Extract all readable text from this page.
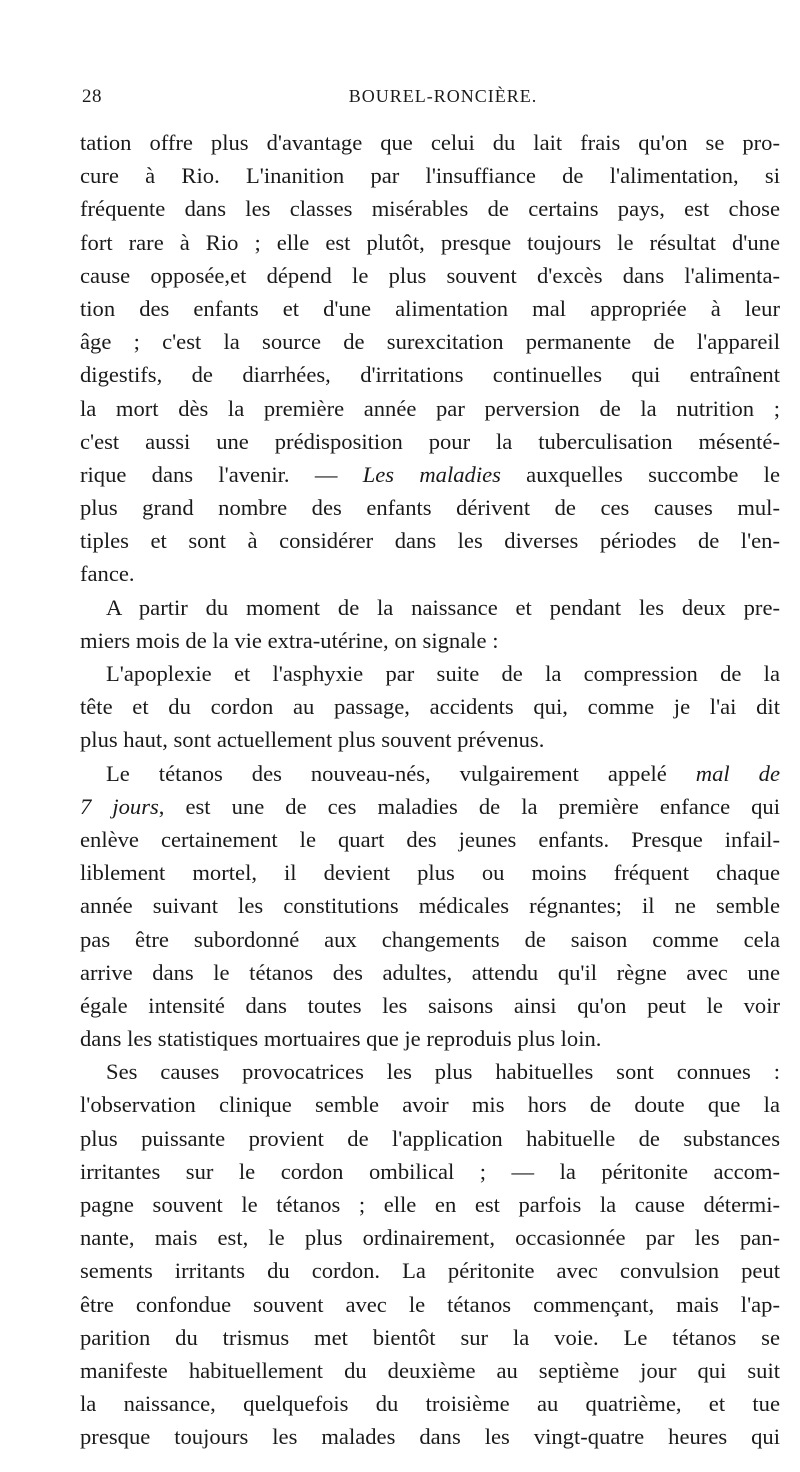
28	BOUREL-RONCIÈRE.
tation offre plus d'avantage que celui du lait frais qu'on se pro-
cure à Rio. L'inanition par l'insuffiance de l'alimentation, si
fréquente dans les classes misérables de certains pays, est chose
fort rare à Rio ; elle est plutôt, presque toujours le résultat d'une
cause opposée,et dépend le plus souvent d'excès dans l'alimenta-
tion des enfants et d'une alimentation mal appropriée à leur
âge ; c'est la source de surexcitation permanente de l'appareil
digestifs, de diarrhées, d'irritations continuelles qui entraînent
la mort dès la première année par perversion de la nutrition ;
c'est aussi une prédisposition pour la tuberculisation mésenté-
rique dans l'avenir. — Les maladies auxquelles succombe le
plus grand nombre des enfants dérivent de ces causes mul-
tiples et sont à considérer dans les diverses périodes de l'en-
fance.
A partir du moment de la naissance et pendant les deux pre-
miers mois de la vie extra-utérine, on signale :
L'apoplexie et l'asphyxie par suite de la compression de la
tête et du cordon au passage, accidents qui, comme je l'ai dit
plus haut, sont actuellement plus souvent prévenus.
Le tétanos des nouveau-nés, vulgairement appelé mal de
7 jours, est une de ces maladies de la première enfance qui
enlève certainement le quart des jeunes enfants. Presque infail-
liblement mortel, il devient plus ou moins fréquent chaque
année suivant les constitutions médicales régnantes; il ne semble
pas être subordonné aux changements de saison comme cela
arrive dans le tétanos des adultes, attendu qu'il règne avec une
égale intensité dans toutes les saisons ainsi qu'on peut le voir
dans les statistiques mortuaires que je reproduis plus loin.
Ses causes provocatrices les plus habituelles sont connues :
l'observation clinique semble avoir mis hors de doute que la
plus puissante provient de l'application habituelle de substances
irritantes sur le cordon ombilical ; — la péritonite accom-
pagne souvent le tétanos ; elle en est parfois la cause détermi-
nante, mais est, le plus ordinairement, occasionnée par les pan-
sements irritants du cordon. La péritonite avec convulsion peut
être confondue souvent avec le tétanos commençant, mais l'ap-
parition du trismus met bientôt sur la voie. Le tétanos se
manifeste habituellement du deuxième au septième jour qui suit
la naissance, quelquefois du troisième au quatrième, et tue
presque toujours les malades dans les vingt-quatre heures qui
